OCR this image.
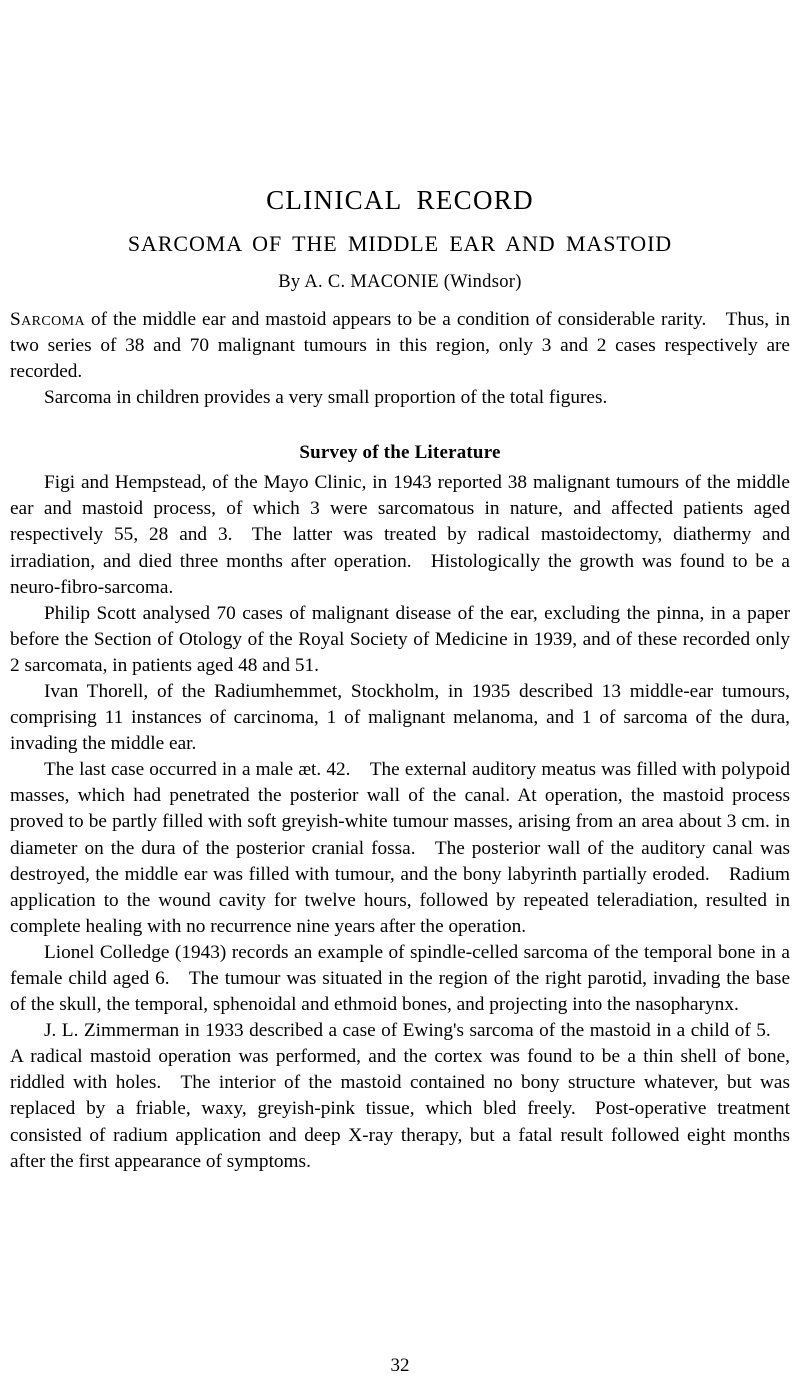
CLINICAL RECORD
SARCOMA OF THE MIDDLE EAR AND MASTOID
By A. C. MACONIE (Windsor)

Sarcoma of the middle ear and mastoid appears to be a condition of considerable rarity. Thus, in two series of 38 and 70 malignant tumours in this region, only 3 and 2 cases respectively are recorded.

Sarcoma in children provides a very small proportion of the total figures.

Survey of the Literature

Figi and Hempstead, of the Mayo Clinic, in 1943 reported 38 malignant tumours of the middle ear and mastoid process, of which 3 were sarcomatous in nature, and affected patients aged respectively 55, 28 and 3. The latter was treated by radical mastoidectomy, diathermy and irradiation, and died three months after operation. Histologically the growth was found to be a neuro-fibro-sarcoma.

Philip Scott analysed 70 cases of malignant disease of the ear, excluding the pinna, in a paper before the Section of Otology of the Royal Society of Medicine in 1939, and of these recorded only 2 sarcomata, in patients aged 48 and 51.

Ivan Thorell, of the Radiumhemmet, Stockholm, in 1935 described 13 middle-ear tumours, comprising 11 instances of carcinoma, 1 of malignant melanoma, and 1 of sarcoma of the dura, invading the middle ear.

The last case occurred in a male æt. 42. The external auditory meatus was filled with polypoid masses, which had penetrated the posterior wall of the canal. At operation, the mastoid process proved to be partly filled with soft greyish-white tumour masses, arising from an area about 3 cm. in diameter on the dura of the posterior cranial fossa. The posterior wall of the auditory canal was destroyed, the middle ear was filled with tumour, and the bony labyrinth partially eroded. Radium application to the wound cavity for twelve hours, followed by repeated teleradiation, resulted in complete healing with no recurrence nine years after the operation.

Lionel Colledge (1943) records an example of spindle-celled sarcoma of the temporal bone in a female child aged 6. The tumour was situated in the region of the right parotid, invading the base of the skull, the temporal, sphenoidal and ethmoid bones, and projecting into the nasopharynx.

J. L. Zimmerman in 1933 described a case of Ewing's sarcoma of the mastoid in a child of 5. A radical mastoid operation was performed, and the cortex was found to be a thin shell of bone, riddled with holes. The interior of the mastoid contained no bony structure whatever, but was replaced by a friable, waxy, greyish-pink tissue, which bled freely. Post-operative treatment consisted of radium application and deep X-ray therapy, but a fatal result followed eight months after the first appearance of symptoms.

32
